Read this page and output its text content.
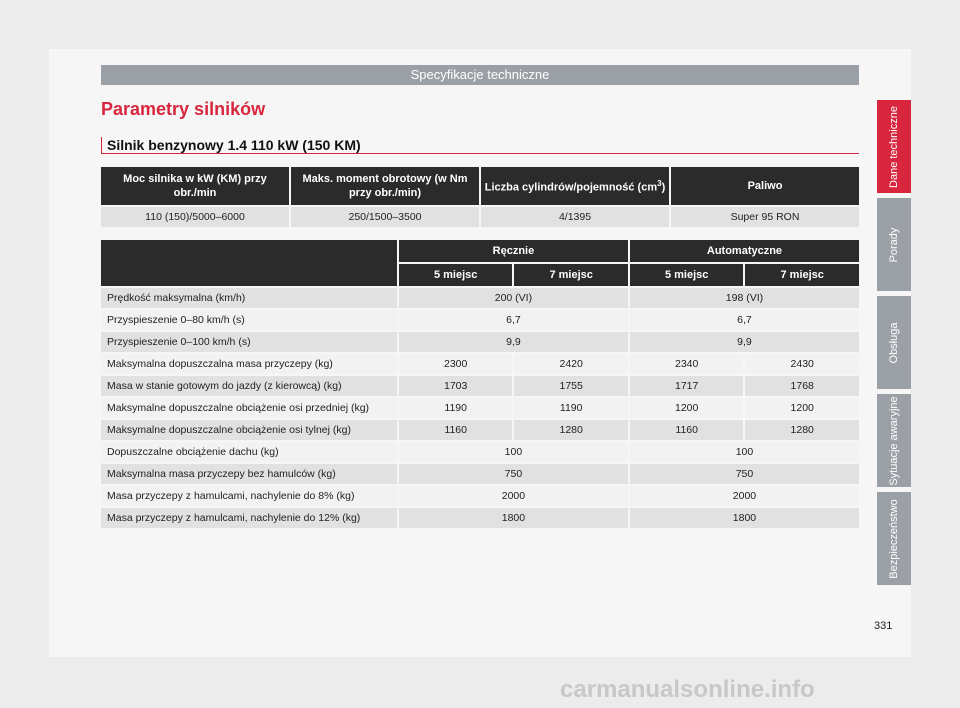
Specyfikacje techniczne
Parametry silników
Silnik benzynowy 1.4 110 kW (150 KM)
Moc silnika w kW (KM) przy obr./min	Maks. moment obrotowy (w Nm przy obr./min)	Liczba cylindrów/pojemność $(cm^3)$	Paliwo
110 (150)/5000–6000	250/1500–3500	4/1395	Super 95 RON
	Ręcznie		Automatyczne	
	5 miejsc	7 miejsc	5 miejsc	7 miejsc
Prędkość maksymalna (km/h)	200 (VI)		198 (VI)	
Przyspieszenie 0–80 km/h (s)	6,7		6,7	
Przyspieszenie 0–100 km/h (s)	9,9		9,9	
Maksymalna dopuszczalna masa przyczepy (kg)	2300	2420	2340	2430
Masa w stanie gotowym do jazdy (z kierowcą) (kg)	1703	1755	1717	1768
Maksymalne dopuszczalne obciążenie osi przedniej (kg)	1190	1190	1200	1200
Maksymalne dopuszczalne obciążenie osi tylnej (kg)	1160	1280	1160	1280
Dopuszczalne obciążenie dachu (kg)	100		100	
Maksymalna masa przyczepy bez hamulców (kg)	750		750	
Masa przyczepy z hamulcami, nachylenie do 8% (kg)	2000		2000	
Masa przyczepy z hamulcami, nachylenie do 12% (kg)	1800		1800	
Dane techniczne
Porady
Obsługa
Sytuacje awaryjne
Bezpieczeństwo
331
carmanualsonline.info
